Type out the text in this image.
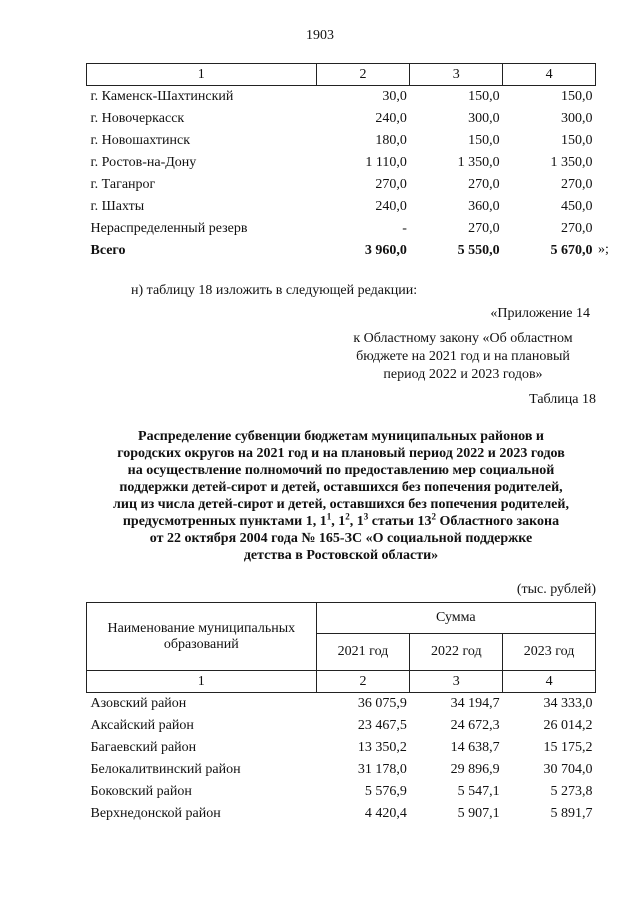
1903
1	2	3	4
г. Каменск-Шахтинский	30,0	150,0	150,0
г. Новочеркасск	240,0	300,0	300,0
г. Новошахтинск	180,0	150,0	150,0
г. Ростов-на-Дону	1 110,0	1 350,0	1 350,0
г. Таганрог	270,0	270,0	270,0
г. Шахты	240,0	360,0	450,0
Нераспределенный резерв	-	270,0	270,0
Всего	3 960,0	5 550,0	5 670,0 »;
н) таблицу 18 изложить в следующей редакции:
«Приложение 14
к Областному закону «Об областном
бюджете на 2021 год и на плановый
период 2022 и 2023 годов»
Таблица 18
Распределение субвенции бюджетам муниципальных районов и
городских округов на 2021 год и на плановый период 2022 и 2023 годов
на осуществление полномочий по предоставлению мер социальной
поддержки детей-сирот и детей, оставшихся без попечения родителей,
лиц из числа детей-сирот и детей, оставшихся без попечения родителей,
предусмотренных пунктами 1, $1^1$, $1^2$, $1^3$ статьи $13^2$ Областного закона
от 22 октября 2004 года № 165-ЗС «О социальной поддержке
детства в Ростовской области»
(тыс. рублей)
Наименование муниципальных образований	Сумма		
	2021 год	2022 год	2023 год
1	2	3	4
Азовский район	36 075,9	34 194,7	34 333,0
Аксайский район	23 467,5	24 672,3	26 014,2
Багаевский район	13 350,2	14 638,7	15 175,2
Белокалитвинский район	31 178,0	29 896,9	30 704,0
Боковский район	5 576,9	5 547,1	5 273,8
Верхнедонской район	4 420,4	5 907,1	5 891,7
